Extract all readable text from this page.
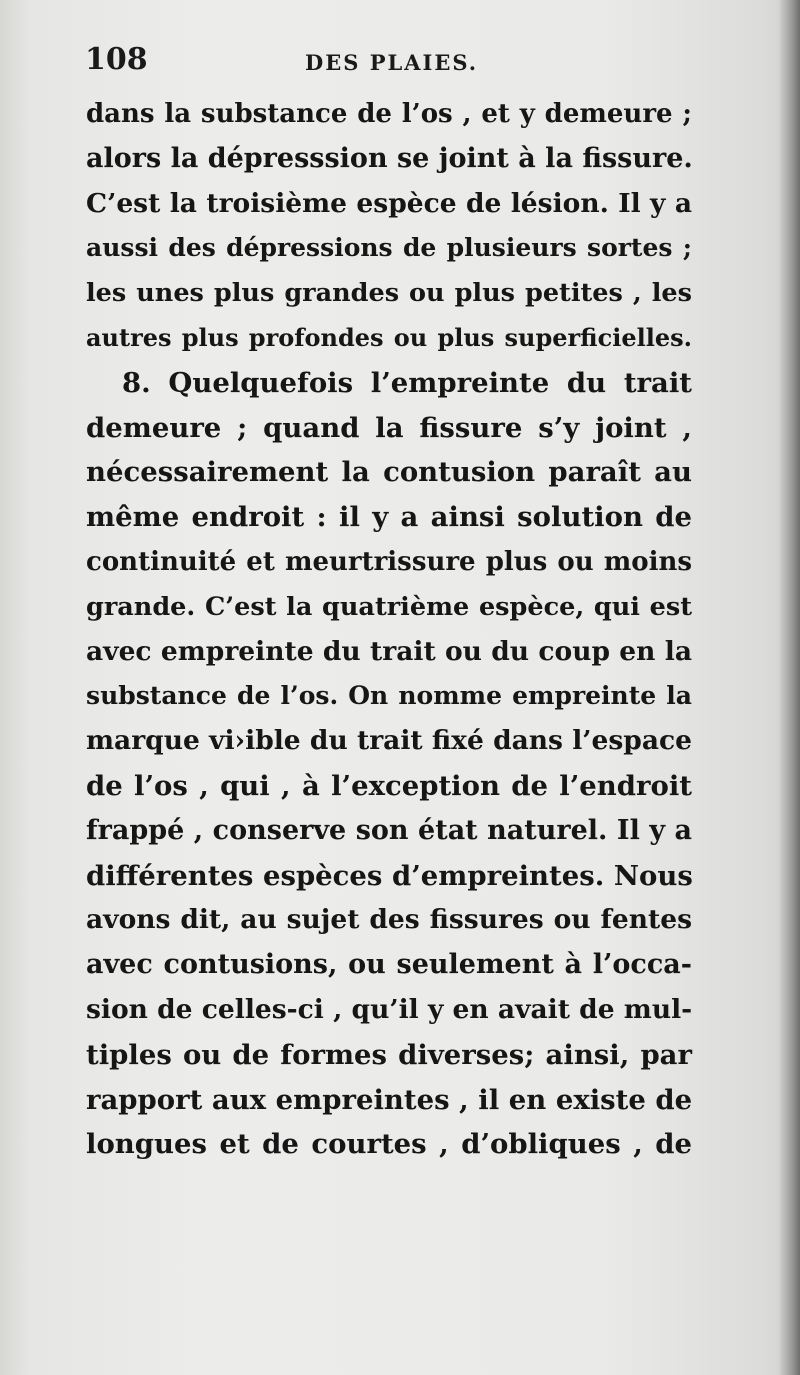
108	DES PLAIES.
dans la substance de l’os , et y demeure ;
alors la dépresssion se joint à la fissure.
C’est la troisième espèce de lésion. Il y a
aussi des dépressions de plusieurs sortes ;
les unes plus grandes ou plus petites , les
autres plus profondes ou plus superficielles.
8. Quelquefois l’empreinte du trait
demeure ; quand la fissure s’y joint ,
nécessairement la contusion paraît au
même endroit : il y a ainsi solution de
continuité et meurtrissure plus ou moins
grande. C’est la quatrième espèce, qui est
avec empreinte du trait ou du coup en la
substance de l’os. On nomme empreinte la
marque vi›ible du trait fixé dans l’espace
de l’os , qui , à l’exception de l’endroit
frappé , conserve son état naturel. Il y a
différentes espèces d’empreintes. Nous
avons dit, au sujet des fissures ou fentes
avec contusions, ou seulement à l’occa-
sion de celles-ci , qu’il y en avait de mul-
tiples ou de formes diverses; ainsi, par
rapport aux empreintes , il en existe de
longues et de courtes , d’obliques , de
